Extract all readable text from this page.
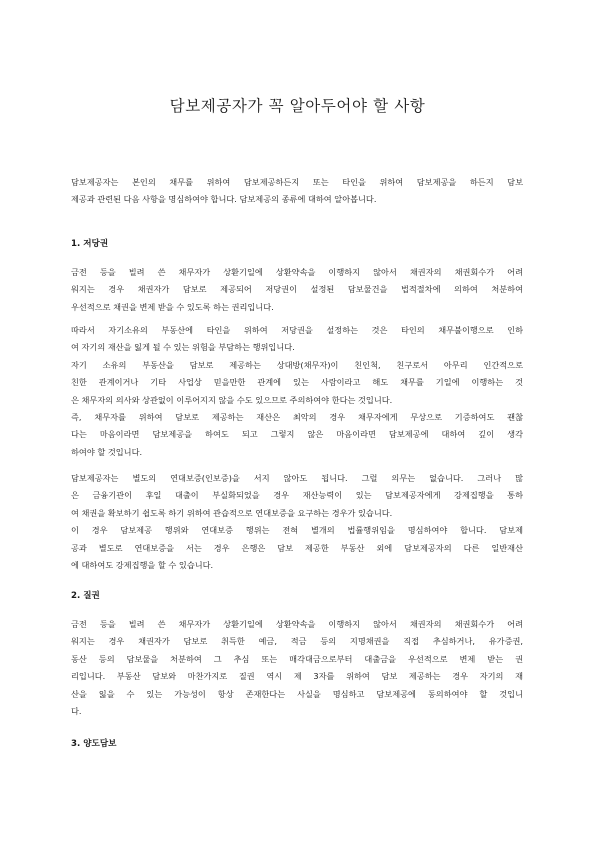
담보제공자가 꼭 알아두어야 할 사항

담보제공자는 본인의 채무를 위하여 담보제공하든지 또는 타인을 위하여 담보제공을 하든지 담보
제공과 관련된 다음 사항을 명심하여야 합니다. 담보제공의 종류에 대하여 알아봅니다.

1. 저당권

금전 등을 빌려 쓴 채무자가 상환기일에 상환약속을 이행하지 않아서 채권자의 채권회수가 어려
워지는 경우 채권자가 담보로 제공되어 저당권이 설정된 담보물건을 법적절차에 의하여 처분하여
우선적으로 채권을 변제 받을 수 있도록 하는 권리입니다.

따라서 자기소유의 부동산에 타인을 위하여 저당권을 설정하는 것은 타인의 채무불이행으로 인하
여 자기의 재산을 잃게 될 수 있는 위험을 부담하는 행위입니다.
자기 소유의 부동산을 담보로 제공하는 상대방(채무자)이 친인척, 친구로서 아무리 인간적으로
친한 관계이거나 기타 사업상 믿을만한 관계에 있는 사람이라고 해도 채무를 기일에 이행하는 것
은 채무자의 의사와 상관없이 이루어지지 않을 수도 있으므로 주의하여야 한다는 것입니다.
즉, 채무자를 위하여 담보로 제공하는 재산은 최악의 경우 채무자에게 무상으로 기증하여도 괜찮
다는 마음이라면 담보제공을 하여도 되고 그렇지 않은 마음이라면 담보제공에 대하여 깊이 생각
하여야 할 것입니다.

담보제공자는 별도의 연대보증(인보증)을 서지 않아도 됩니다. 그럴 의무는 없습니다. 그러나 많
은 금융기관이 후일 대출이 부실화되었을 경우 재산능력이 있는 담보제공자에게 강제집행을 통하
여 채권을 확보하기 쉽도록 하기 위하여 관습적으로 연대보증을 요구하는 경우가 있습니다.
이 경우 담보제공 행위와 연대보증 행위는 전혀 별개의 법률행위임을 명심하여야 합니다. 담보제
공과 별도로 연대보증을 서는 경우 은행은 담보 제공한 부동산 외에 담보제공자의 다른 일반재산
에 대하여도 강제집행을 할 수 있습니다.

2. 질권

금전 등을 빌려 쓴 채무자가 상환기일에 상환약속을 이행하지 않아서 채권자의 채권회수가 어려
워지는 경우 채권자가 담보로 취득한 예금, 적금 등의 지명채권을 직접 추심하거나, 유가증권,
동산 등의 담보물을 처분하여 그 추심 또는 매각대금으로부터 대출금을 우선적으로 변제 받는 권
리입니다. 부동산 담보와 마찬가지로 질권 역시 제 3자를 위하여 담보 제공하는 경우 자기의 재
산을 잃을 수 있는 가능성이 항상 존재한다는 사실을 명심하고 담보제공에 동의하여야 할 것입니
다.

3. 양도담보
